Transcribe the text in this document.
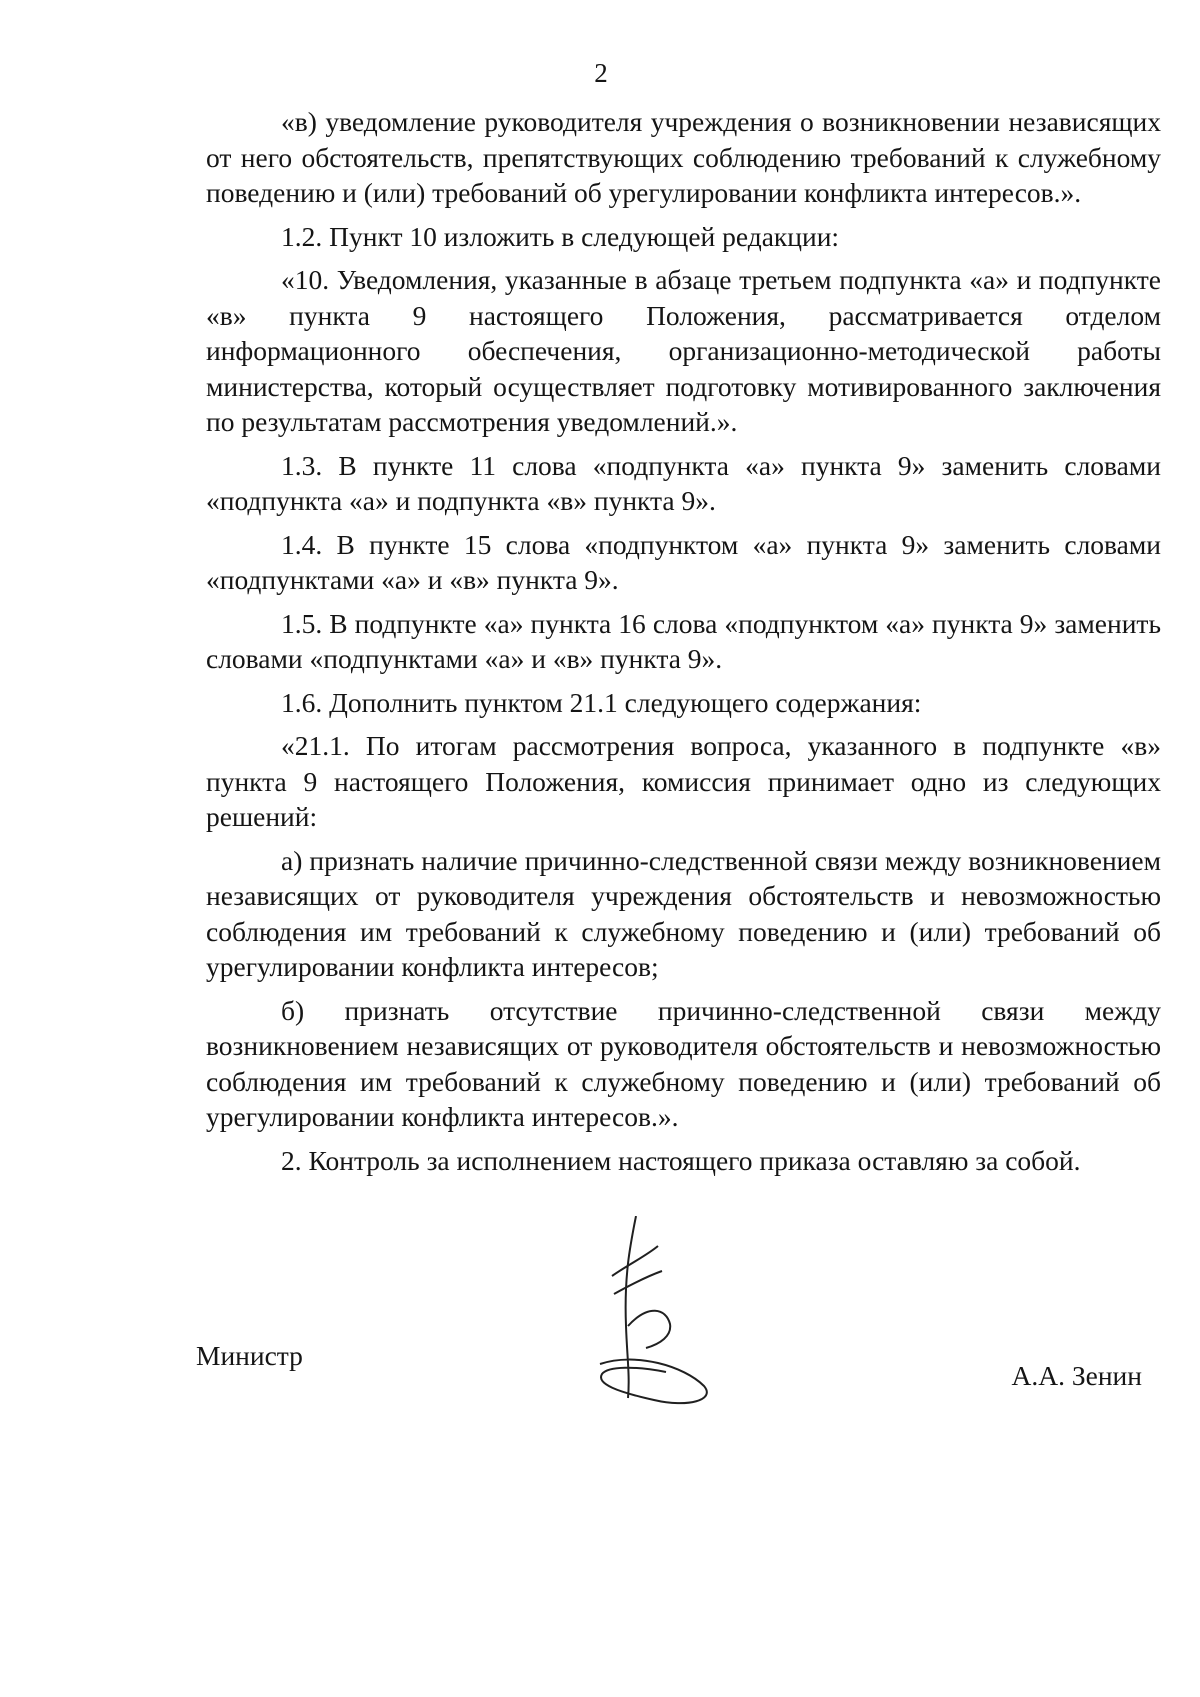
2

«в) уведомление руководителя учреждения о возникновении независящих от него обстоятельств, препятствующих соблюдению требований к служебному поведению и (или) требований об урегулировании конфликта интересов.».

1.2. Пункт 10 изложить в следующей редакции:

«10. Уведомления, указанные в абзаце третьем подпункта «а» и подпункте «в» пункта 9 настоящего Положения, рассматривается отделом информационного обеспечения, организационно-методической работы министерства, который осуществляет подготовку мотивированного заключения по результатам рассмотрения уведомлений.».

1.3. В пункте 11 слова «подпункта «а» пункта 9» заменить словами «подпункта «а» и подпункта «в» пункта 9».

1.4. В пункте 15 слова «подпунктом «а» пункта 9» заменить словами «подпунктами «а» и «в» пункта 9».

1.5. В подпункте «а» пункта 16 слова «подпунктом «а» пункта 9» заменить словами «подпунктами «а» и «в» пункта 9».

1.6. Дополнить пунктом 21.1 следующего содержания:

«21.1. По итогам рассмотрения вопроса, указанного в подпункте «в» пункта 9 настоящего Положения, комиссия принимает одно из следующих решений:

а) признать наличие причинно-следственной связи между возникновением независящих от руководителя учреждения обстоятельств и невозможностью соблюдения им требований к служебному поведению и (или) требований об урегулировании конфликта интересов;

б) признать отсутствие причинно-следственной связи между возникновением независящих от руководителя обстоятельств и невозможностью соблюдения им требований к служебному поведению и (или) требований об урегулировании конфликта интересов.».

2. Контроль за исполнением настоящего приказа оставляю за собой.

Министр
А.А. Зенин
